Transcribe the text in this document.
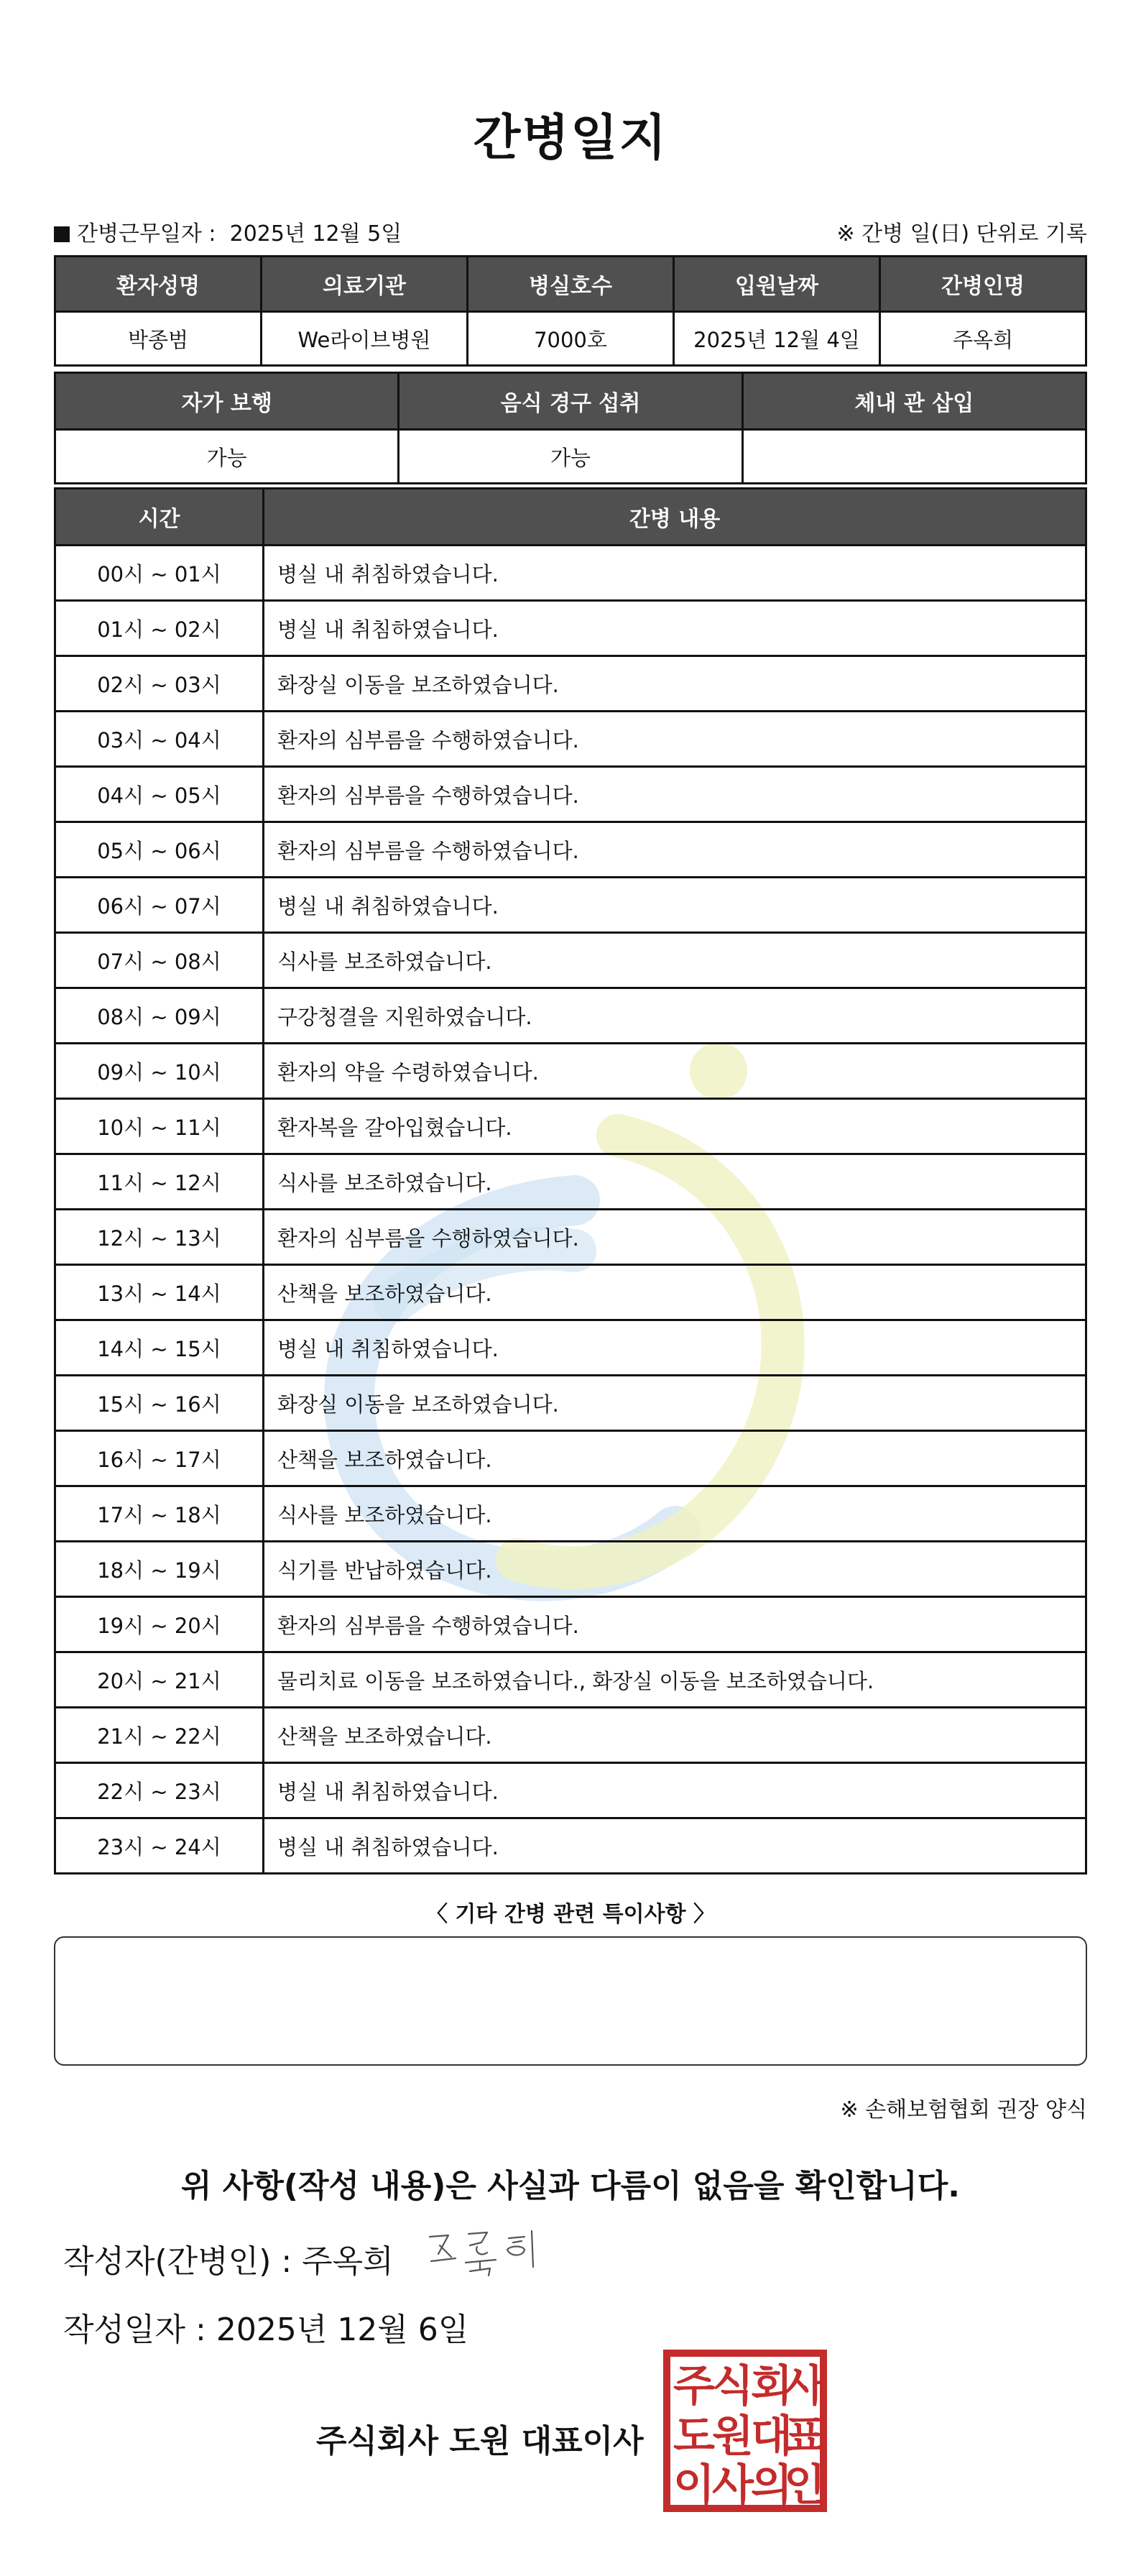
간병일지
간병근무일자 : 2025년 12월 5일	※ 간병 일(日) 단위로 기록
환자성명	의료기관	병실호수	입원날짜	간병인명
박종범	We라이브병원	7000호	2025년 12월 4일	주옥희
자가 보행	음식 경구 섭취	체내 관 삽입
가능	가능	
시간	간병 내용
00시 ~ 01시	병실 내 취침하였습니다.
01시 ~ 02시	병실 내 취침하였습니다.
02시 ~ 03시	화장실 이동을 보조하였습니다.
03시 ~ 04시	환자의 심부름을 수행하였습니다.
04시 ~ 05시	환자의 심부름을 수행하였습니다.
05시 ~ 06시	환자의 심부름을 수행하였습니다.
06시 ~ 07시	병실 내 취침하였습니다.
07시 ~ 08시	식사를 보조하였습니다.
08시 ~ 09시	구강청결을 지원하였습니다.
09시 ~ 10시	환자의 약을 수령하였습니다.
10시 ~ 11시	환자복을 갈아입혔습니다.
11시 ~ 12시	식사를 보조하였습니다.
12시 ~ 13시	환자의 심부름을 수행하였습니다.
13시 ~ 14시	산책을 보조하였습니다.
14시 ~ 15시	병실 내 취침하였습니다.
15시 ~ 16시	화장실 이동을 보조하였습니다.
16시 ~ 17시	산책을 보조하였습니다.
17시 ~ 18시	식사를 보조하였습니다.
18시 ~ 19시	식기를 반납하였습니다.
19시 ~ 20시	환자의 심부름을 수행하였습니다.
20시 ~ 21시	물리치료 이동을 보조하였습니다., 화장실 이동을 보조하였습니다.
21시 ~ 22시	산책을 보조하였습니다.
22시 ~ 23시	병실 내 취침하였습니다.
23시 ~ 24시	병실 내 취침하였습니다.
〈 기타 간병 관련 특이사항 〉
※ 손해보험협회 권장 양식
위 사항(작성 내용)은 사실과 다름이 없음을 확인합니다.
작성자(간병인) : 주옥희
작성일자 : 2025년 12월 6일
주식회사 도원 대표이사
주
식
회
사
도
원
대
표
이
사
의
인
